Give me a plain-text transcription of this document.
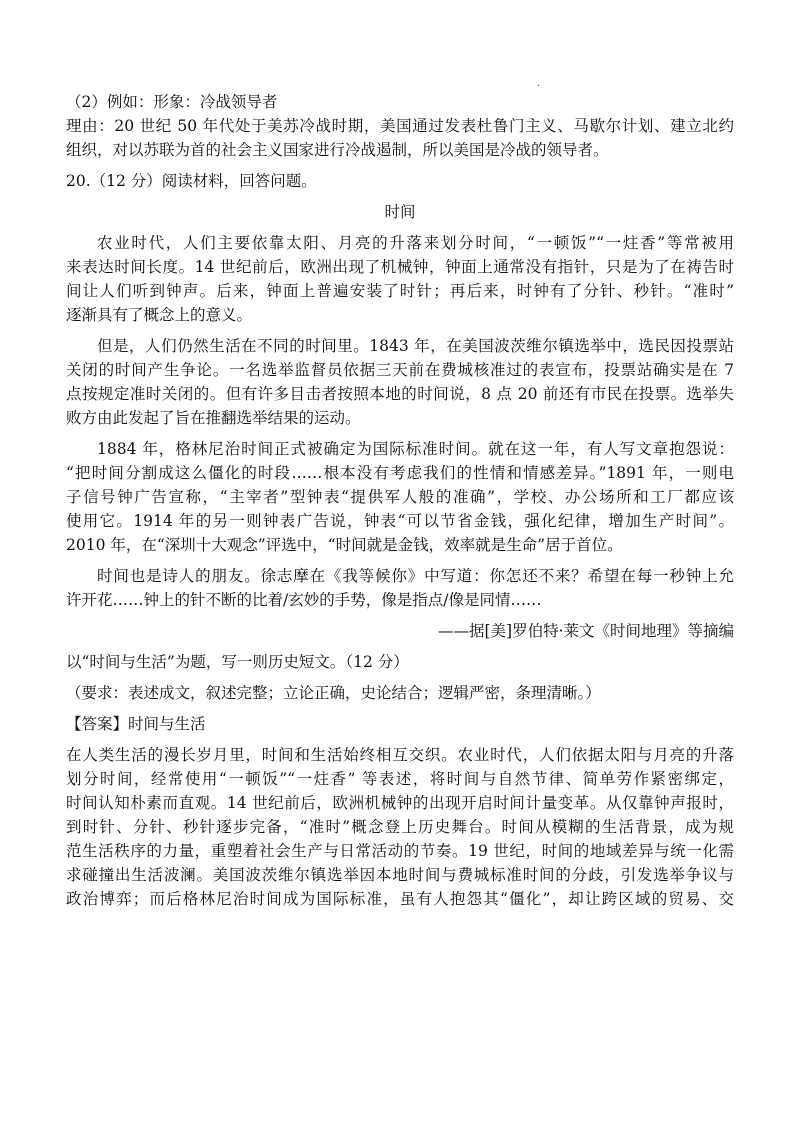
.
（2）例如：形象：冷战领导者
理由：20 世纪 50 年代处于美苏冷战时期，美国通过发表杜鲁门主义、马歇尔计划、建立北约
组织，对以苏联为首的社会主义国家进行冷战遏制，所以美国是冷战的领导者。
20.（12 分）阅读材料，回答问题。
时间
农业时代，人们主要依靠太阳、月亮的升落来划分时间，“一顿饭”“一炷香”等常被用
来表达时间长度。14 世纪前后，欧洲出现了机械钟，钟面上通常没有指针，只是为了在祷告时
间让人们听到钟声。后来，钟面上普遍安装了时针；再后来，时钟有了分针、秒针。“准时”
逐渐具有了概念上的意义。
但是，人们仍然生活在不同的时间里。1843 年，在美国波茨维尔镇选举中，选民因投票站
关闭的时间产生争论。一名选举监督员依据三天前在费城核准过的表宣布，投票站确实是在 7
点按规定准时关闭的。但有许多目击者按照本地的时间说，8 点 20 前还有市民在投票。选举失
败方由此发起了旨在推翻选举结果的运动。
1884 年，格林尼治时间正式被确定为国际标准时间。就在这一年，有人写文章抱怨说：
“把时间分割成这么僵化的时段……根本没有考虑我们的性情和情感差异。”1891 年，一则电
子信号钟广告宣称，“主宰者”型钟表“提供军人般的准确”，学校、办公场所和工厂都应该
使用它。1914 年的另一则钟表广告说，钟表“可以节省金钱，强化纪律，增加生产时间”。
2010 年，在“深圳十大观念”评选中，“时间就是金钱，效率就是生命”居于首位。
时间也是诗人的朋友。徐志摩在《我等候你》中写道：你怎还不来？希望在每一秒钟上允
许开花……钟上的针不断的比着/玄妙的手势，像是指点/像是同情……
——据[美]罗伯特·莱文《时间地理》等摘编
以“时间与生活”为题，写一则历史短文。（12 分）
（要求：表述成文，叙述完整；立论正确，史论结合；逻辑严密，条理清晰。）
【答案】时间与生活
在人类生活的漫长岁月里，时间和生活始终相互交织。农业时代，人们依据太阳与月亮的升落
划分时间，经常使用“一顿饭”“一炷香” 等表述，将时间与自然节律、简单劳作紧密绑定，
时间认知朴素而直观。14 世纪前后，欧洲机械钟的出现开启时间计量变革。从仅靠钟声报时，
到时针、分针、秒针逐步完备，“准时”概念登上历史舞台。时间从模糊的生活背景，成为规
范生活秩序的力量，重塑着社会生产与日常活动的节奏。19 世纪，时间的地域差异与统一化需
求碰撞出生活波澜。美国波茨维尔镇选举因本地时间与费城标准时间的分歧，引发选举争议与
政治博弈；而后格林尼治时间成为国际标准，虽有人抱怨其“僵化”，却让跨区域的贸易、交
